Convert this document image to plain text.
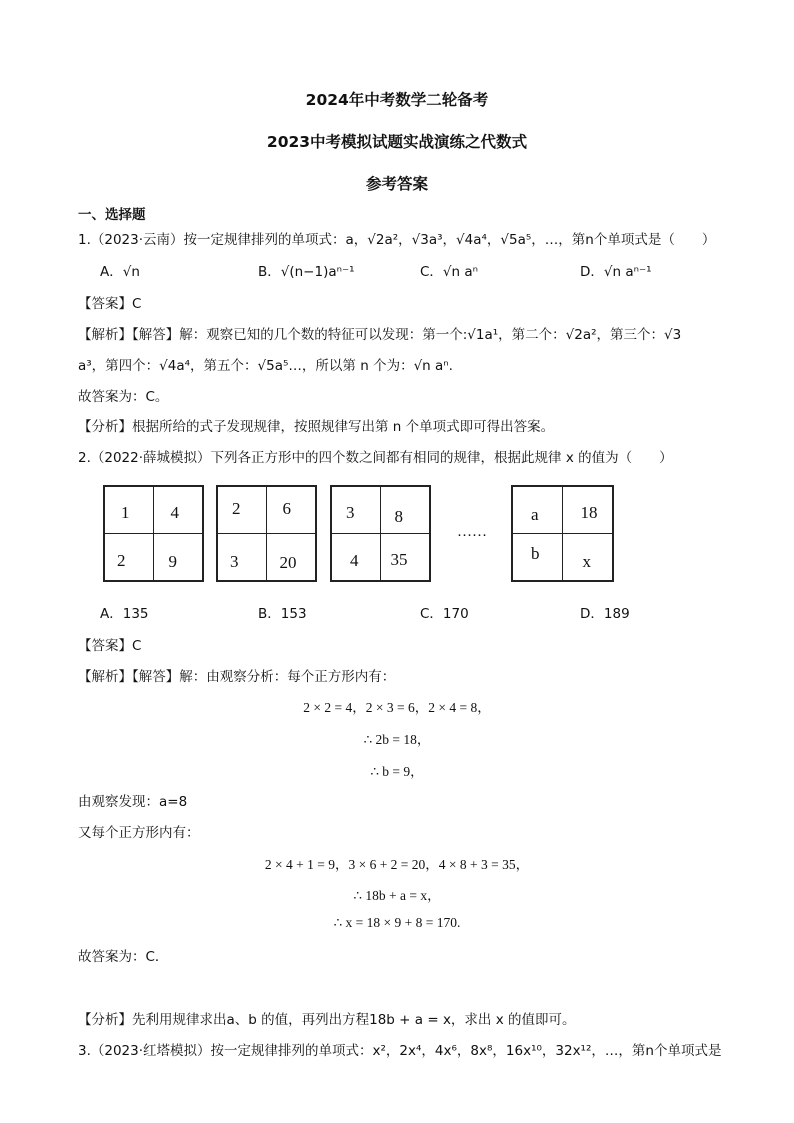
2024年中考数学二轮备考
2023中考模拟试题实战演练之代数式
参考答案
一、选择题
1.（2023·云南）按一定规律排列的单项式：a，√2a²，√3a³，√4a⁴，√5a⁵，…，第n个单项式是（　　）
A．√n	B．√(n−1)aⁿ⁻¹	C．√n aⁿ	D．√n aⁿ⁻¹
【答案】C
【解析】【解答】解：观察已知的几个数的特征可以发现：第一个:√1a¹，第二个：√2a²，第三个：√3
a³，第四个：√4a⁴，第五个：√5a⁵…，所以第 n 个为：√n aⁿ.
故答案为：C。
【分析】根据所给的式子发现规律，按照规律写出第 n 个单项式即可得出答案。
2.（2022·薛城模拟）下列各正方形中的四个数之间都有相同的规律，根据此规律 x 的值为（　　）
1 4
2	9
2 6
3 20
3 8
4 35
……
a 18
b	x
A．135	B．153	C．170	D．189
【答案】C
【解析】【解答】解：由观察分析：每个正方形内有：
2 × 2 = 4，2 × 3 = 6，2 × 4 = 8，
∴ 2b = 18，
∴ b = 9，
由观察发现：a=8
又每个正方形内有：
2 × 4 + 1 = 9，3 × 6 + 2 = 20，4 × 8 + 3 = 35，
∴ 18b + a = x，
∴ x = 18 × 9 + 8 = 170.
故答案为：C．
【分析】先利用规律求出a、b 的值，再列出方程18b + a = x，求出 x 的值即可。
3.（2023·红塔模拟）按一定规律排列的单项式：x²，2x⁴，4x⁶，8x⁸，16x¹⁰，32x¹²，…，第n个单项式是
